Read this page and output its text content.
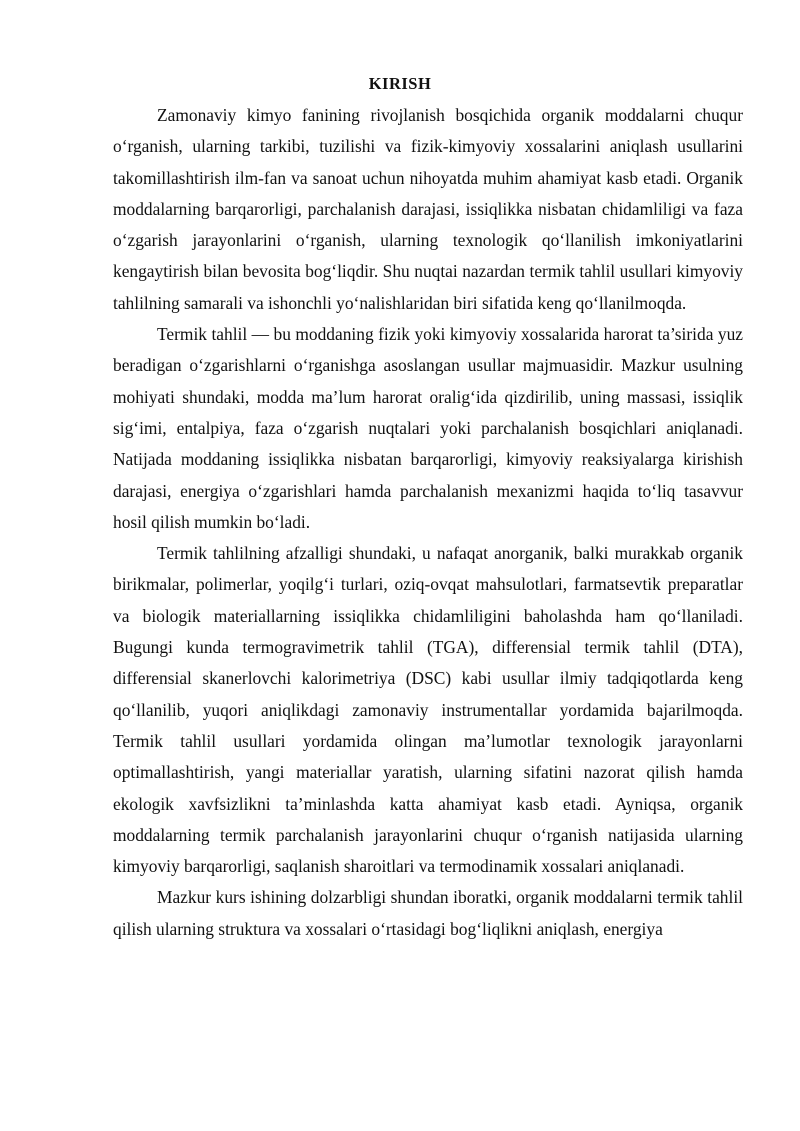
KIRISH

Zamonaviy kimyo fanining rivojlanish bosqichida organik moddalarni chuqur o‘rganish, ularning tarkibi, tuzilishi va fizik-kimyoviy xossalarini aniqlash usullarini takomillashtirish ilm-fan va sanoat uchun nihoyatda muhim ahamiyat kasb etadi. Organik moddalarning barqarorligi, parchalanish darajasi, issiqlikka nisbatan chidamliligi va faza o‘zgarish jarayonlarini o‘rganish, ularning texnologik qo‘llanilish imkoniyatlarini kengaytirish bilan bevosita bog‘liqdir. Shu nuqtai nazardan termik tahlil usullari kimyoviy tahlilning samarali va ishonchli yo‘nalishlaridan biri sifatida keng qo‘llanilmoqda.

Termik tahlil — bu moddaning fizik yoki kimyoviy xossalarida harorat ta’sirida yuz beradigan o‘zgarishlarni o‘rganishga asoslangan usullar majmuasidir. Mazkur usulning mohiyati shundaki, modda ma’lum harorat oralig‘ida qizdirilib, uning massasi, issiqlik sig‘imi, entalpiya, faza o‘zgarish nuqtalari yoki parchalanish bosqichlari aniqlanadi. Natijada moddaning issiqlikka nisbatan barqarorligi, kimyoviy reaksiyalarga kirishish darajasi, energiya o‘zgarishlari hamda parchalanish mexanizmi haqida to‘liq tasavvur hosil qilish mumkin bo‘ladi.

Termik tahlilning afzalligi shundaki, u nafaqat anorganik, balki murakkab organik birikmalar, polimerlar, yoqilg‘i turlari, oziq-ovqat mahsulotlari, farmatsevtik preparatlar va biologik materiallarning issiqlikka chidamliligini baholashda ham qo‘llaniladi. Bugungi kunda termogravimetrik tahlil (TGA), differensial termik tahlil (DTA), differensial skanerlovchi kalorimetriya (DSC) kabi usullar ilmiy tadqiqotlarda keng qo‘llanilib, yuqori aniqlikdagi zamonaviy instrumentallar yordamida bajarilmoqda. Termik tahlil usullari yordamida olingan ma’lumotlar texnologik jarayonlarni optimallashtirish, yangi materiallar yaratish, ularning sifatini nazorat qilish hamda ekologik xavfsizlikni ta’minlashda katta ahamiyat kasb etadi. Ayniqsa, organik moddalarning termik parchalanish jarayonlarini chuqur o‘rganish natijasida ularning kimyoviy barqarorligi, saqlanish sharoitlari va termodinamik xossalari aniqlanadi.

Mazkur kurs ishining dolzarbligi shundan iboratki, organik moddalarni termik tahlil qilish ularning struktura va xossalari o‘rtasidagi bog‘liqlikni aniqlash, energiya
